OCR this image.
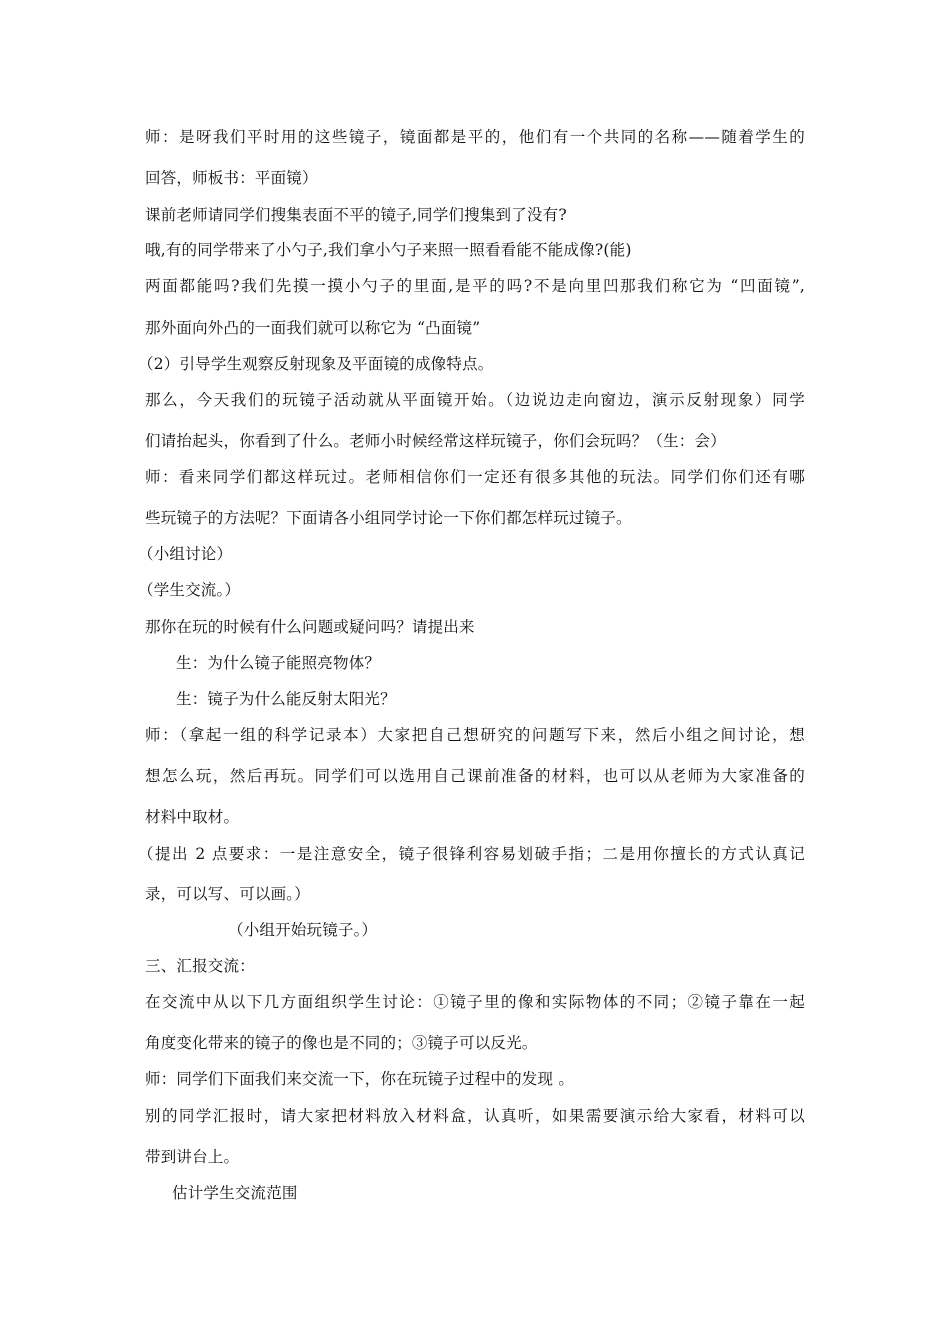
师：是呀我们平时用的这些镜子，镜面都是平的，他们有一个共同的名称——随着学生的
回答，师板书：平面镜）
课前老师请同学们搜集表面不平的镜子,同学们搜集到了没有?
哦,有的同学带来了小勺子,我们拿小勺子来照一照看看能不能成像?(能)
两面都能吗?我们先摸一摸小勺子的里面,是平的吗?不是向里凹那我们称它为 “凹面镜”,
那外面向外凸的一面我们就可以称它为 “凸面镜”
（2）引导学生观察反射现象及平面镜的成像特点。
那么，今天我们的玩镜子活动就从平面镜开始。（边说边走向窗边，演示反射现象）同学
们请抬起头，你看到了什么。老师小时候经常这样玩镜子，你们会玩吗？（生：会）
师：看来同学们都这样玩过。老师相信你们一定还有很多其他的玩法。同学们你们还有哪
些玩镜子的方法呢？下面请各小组同学讨论一下你们都怎样玩过镜子。
（小组讨论）
（学生交流。）
那你在玩的时候有什么问题或疑问吗？请提出来
生：为什么镜子能照亮物体？
生：镜子为什么能反射太阳光？
师：（拿起一组的科学记录本）大家把自己想研究的问题写下来，然后小组之间讨论，想
想怎么玩，然后再玩。同学们可以选用自己课前准备的材料，也可以从老师为大家准备的
材料中取材。
（提出 2 点要求：一是注意安全，镜子很锋利容易划破手指；二是用你擅长的方式认真记
录，可以写、可以画。）
（小组开始玩镜子。）
三、汇报交流：
在交流中从以下几方面组织学生讨论：①镜子里的像和实际物体的不同；②镜子靠在一起
角度变化带来的镜子的像也是不同的；③镜子可以反光。
师：同学们下面我们来交流一下，你在玩镜子过程中的发现 。
别的同学汇报时，请大家把材料放入材料盒，认真听，如果需要演示给大家看，材料可以
带到讲台上。
估计学生交流范围
